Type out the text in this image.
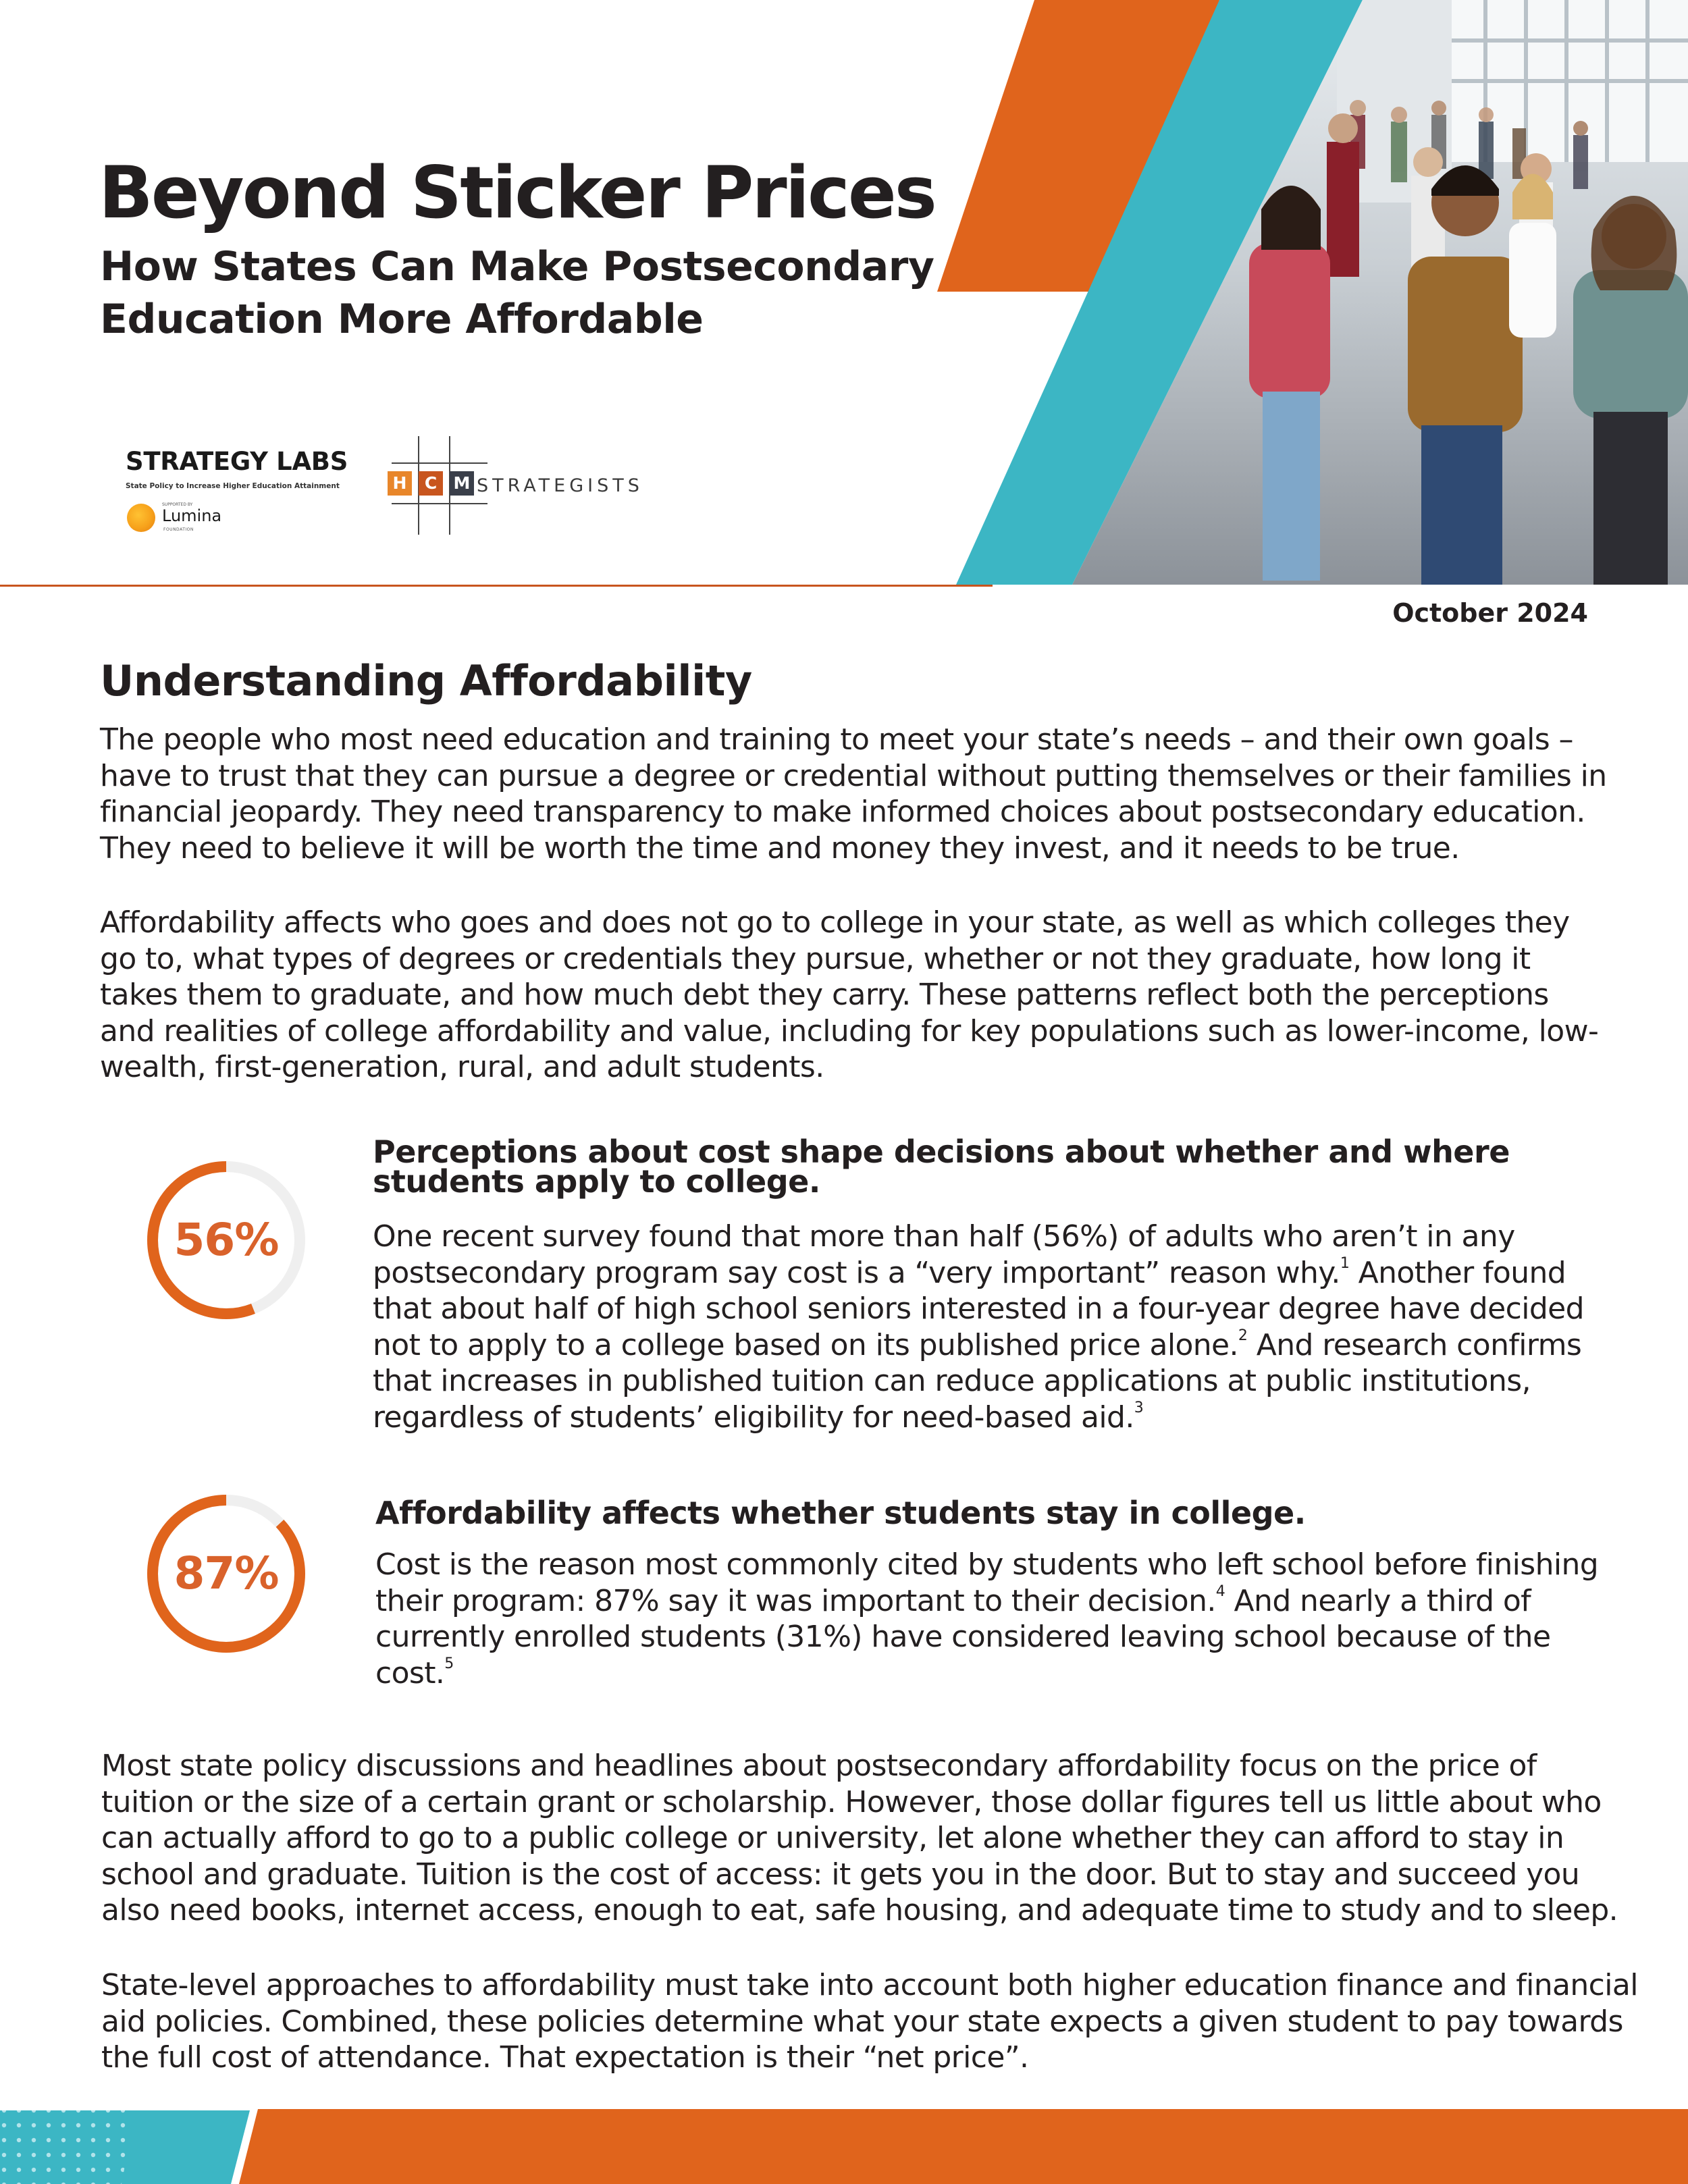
Beyond Sticker Prices
How States Can Make Postsecondary
Education More Affordable
STRATEGY LABS
State Policy to Increase Higher Education Attainment
SUPPORTED BY
Lumina
FOUNDATION
H	C M STRATEGISTS
October 2024
Understanding Affordability

The people who most need education and training to meet your state’s needs – and their own goals –
have to trust that they can pursue a degree or credential without putting themselves or their families in
financial jeopardy. They need transparency to make informed choices about postsecondary education.
They need to believe it will be worth the time and money they invest, and it needs to be true.

Affordability affects who goes and does not go to college in your state, as well as which colleges they
go to, what types of degrees or credentials they pursue, whether or not they graduate, how long it
takes them to graduate, and how much debt they carry. These patterns reflect both the perceptions
and realities of college affordability and value, including for key populations such as lower-income, low-
wealth, first-generation, rural, and adult students.

56%
Perceptions about cost shape decisions about whether and where
students apply to college.

One recent survey found that more than half (56%) of adults who aren’t in any
postsecondary program say cost is a “very important” reason why.$^1$ Another found
that about half of high school seniors interested in a four-year degree have decided
not to apply to a college based on its published price alone.$^2$ And research confirms
that increases in published tuition can reduce applications at public institutions,
regardless of students’ eligibility for need-based aid.$^3$

87%
Affordability affects whether students stay in college.

Cost is the reason most commonly cited by students who left school before finishing
their program: 87% say it was important to their decision.$^4$ And nearly a third of
currently enrolled students (31%) have considered leaving school because of the
cost.$^5$

Most state policy discussions and headlines about postsecondary affordability focus on the price of
tuition or the size of a certain grant or scholarship. However, those dollar figures tell us little about who
can actually afford to go to a public college or university, let alone whether they can afford to stay in
school and graduate. Tuition is the cost of access: it gets you in the door. But to stay and succeed you
also need books, internet access, enough to eat, safe housing, and adequate time to study and to sleep.

State-level approaches to affordability must take into account both higher education finance and financial
aid policies. Combined, these policies determine what your state expects a given student to pay towards
the full cost of attendance. That expectation is their “net price”.
